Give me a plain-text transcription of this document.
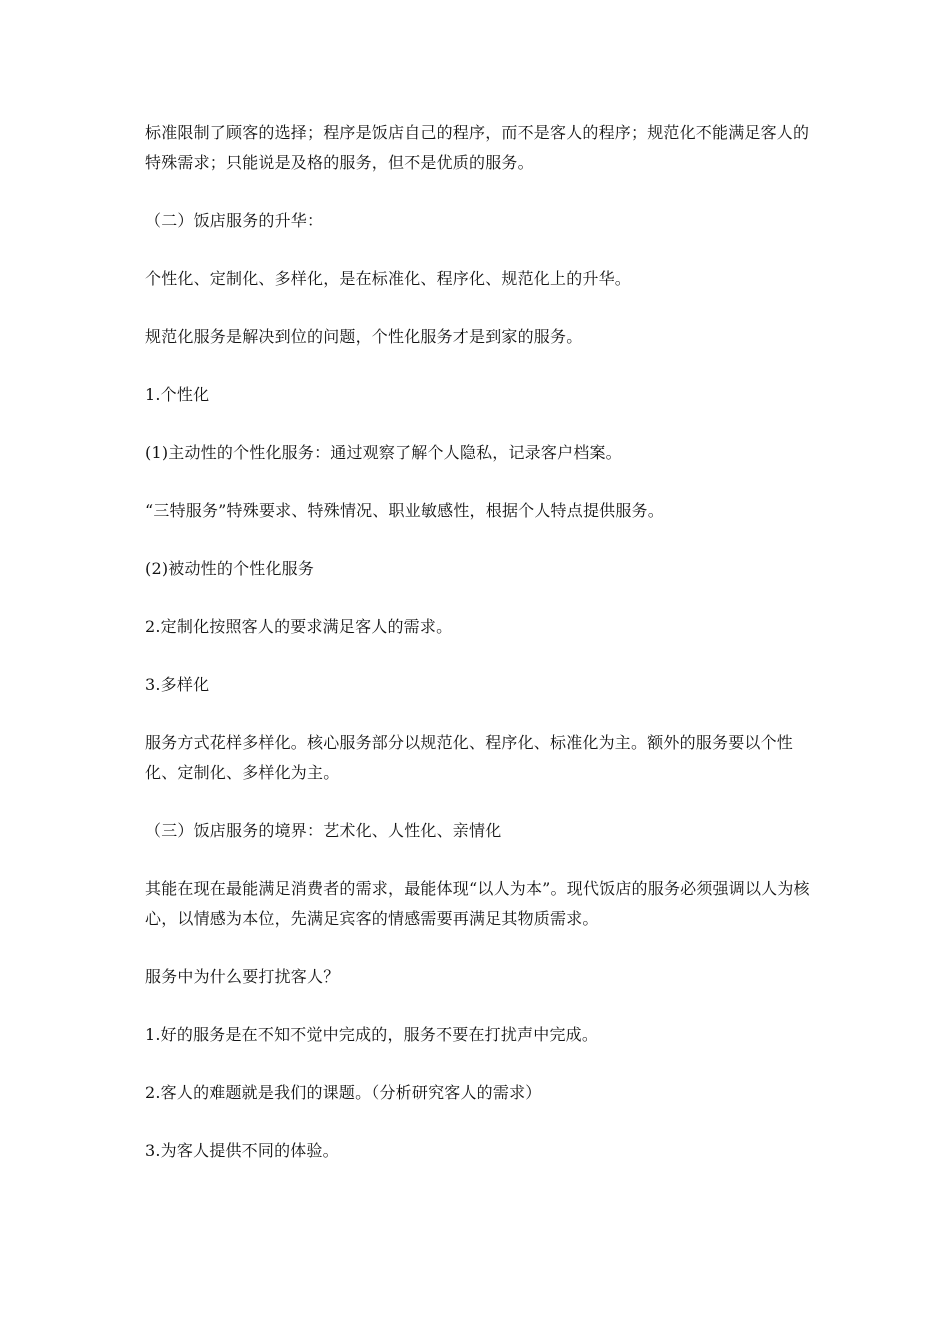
标准限制了顾客的选择；程序是饭店自己的程序，而不是客人的程序；规范化不能满足客人的特殊需求；只能说是及格的服务，但不是优质的服务。

（二）饭店服务的升华：

个性化、定制化、多样化，是在标准化、程序化、规范化上的升华。

规范化服务是解决到位的问题，个性化服务才是到家的服务。

1.个性化

(1)主动性的个性化服务：通过观察了解个人隐私，记录客户档案。

“三特服务”特殊要求、特殊情况、职业敏感性，根据个人特点提供服务。

(2)被动性的个性化服务

2.定制化按照客人的要求满足客人的需求。

3.多样化

服务方式花样多样化。核心服务部分以规范化、程序化、标准化为主。额外的服务要以个性化、定制化、多样化为主。

（三）饭店服务的境界：艺术化、人性化、亲情化

其能在现在最能满足消费者的需求，最能体现“以人为本”。现代饭店的服务必须强调以人为核心，以情感为本位，先满足宾客的情感需要再满足其物质需求。

服务中为什么要打扰客人？

1.好的服务是在不知不觉中完成的，服务不要在打扰声中完成。

2.客人的难题就是我们的课题。（分析研究客人的需求）

3.为客人提供不同的体验。
